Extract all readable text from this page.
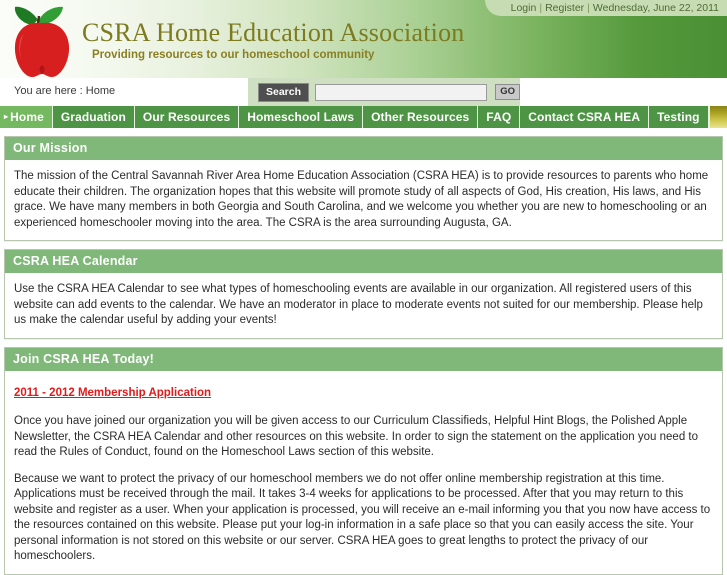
Login | Register | Wednesday, June 22, 2011
CSRA Home Education Association
Providing resources to our homeschool community
You are here : Home	Search	GO
▸ Home	Graduation	Our Resources	Homeschool Laws	Other Resources	FAQ	Contact CSRA HEA	Testing
Our Mission

The mission of the Central Savannah River Area Home Education Association (CSRA HEA) is to provide resources to parents who home educate their children. The organization hopes that this website will promote study of all aspects of God, His creation, His laws, and His grace. We have many members in both Georgia and South Carolina, and we welcome you whether you are new to homeschooling or an experienced homeschooler moving into the area. The CSRA is the area surrounding Augusta, GA.

CSRA HEA Calendar

Use the CSRA HEA Calendar to see what types of homeschooling events are available in our organization. All registered users of this website can add events to the calendar. We have an moderator in place to moderate events not suited for our membership. Please help us make the calendar useful by adding your events!

Join CSRA HEA Today!
2011 - 2012 Membership Application

Once you have joined our organization you will be given access to our Curriculum Classifieds, Helpful Hint Blogs, the Polished Apple Newsletter, the CSRA HEA Calendar and other resources on this website. In order to sign the statement on the application you need to read the Rules of Conduct, found on the Homeschool Laws section of this website.

Because we want to protect the privacy of our homeschool members we do not offer online membership registration at this time. Applications must be received through the mail. It takes 3-4 weeks for applications to be processed. After that you may return to this website and register as a user. When your application is processed, you will receive an e-mail informing you that you now have access to the resources contained on this website. Please put your log-in information in a safe place so that you can easily access the site. Your personal information is not stored on this website or our server. CSRA HEA goes to great lengths to protect the privacy of our homeschoolers.
